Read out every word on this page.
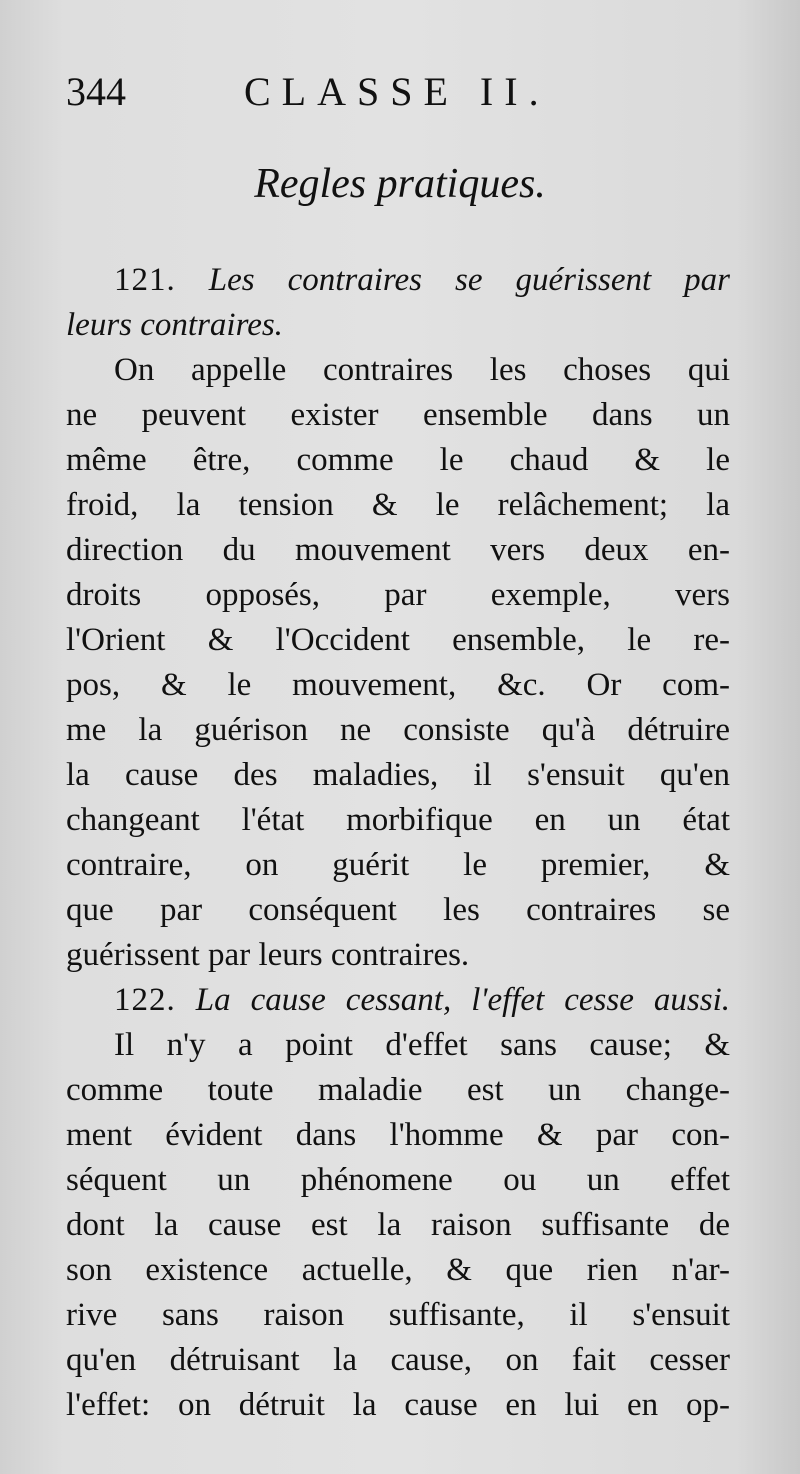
344	CLASSE II.
Regles pratiques.
121. Les contraires se guérissent par
leurs contraires.
On appelle contraires les choses qui
ne peuvent exister ensemble dans un
même être, comme le chaud & le
froid, la tension & le relâchement; la
direction du mouvement vers deux en-
droits opposés, par exemple, vers
l'Orient & l'Occident ensemble, le re-
pos, & le mouvement, &c. Or com-
me la guérison ne consiste qu'à détruire
la cause des maladies, il s'ensuit qu'en
changeant l'état morbifique en un état
contraire, on guérit le premier, &
que par conséquent les contraires se
guérissent par leurs contraires.
122. La cause cessant, l'effet cesse aussi.
Il n'y a point d'effet sans cause; &
comme toute maladie est un change-
ment évident dans l'homme & par con-
séquent un phénomene ou un effet
dont la cause est la raison suffisante de
son existence actuelle, & que rien n'ar-
rive sans raison suffisante, il s'ensuit
qu'en détruisant la cause, on fait cesser
l'effet: on détruit la cause en lui en op-
